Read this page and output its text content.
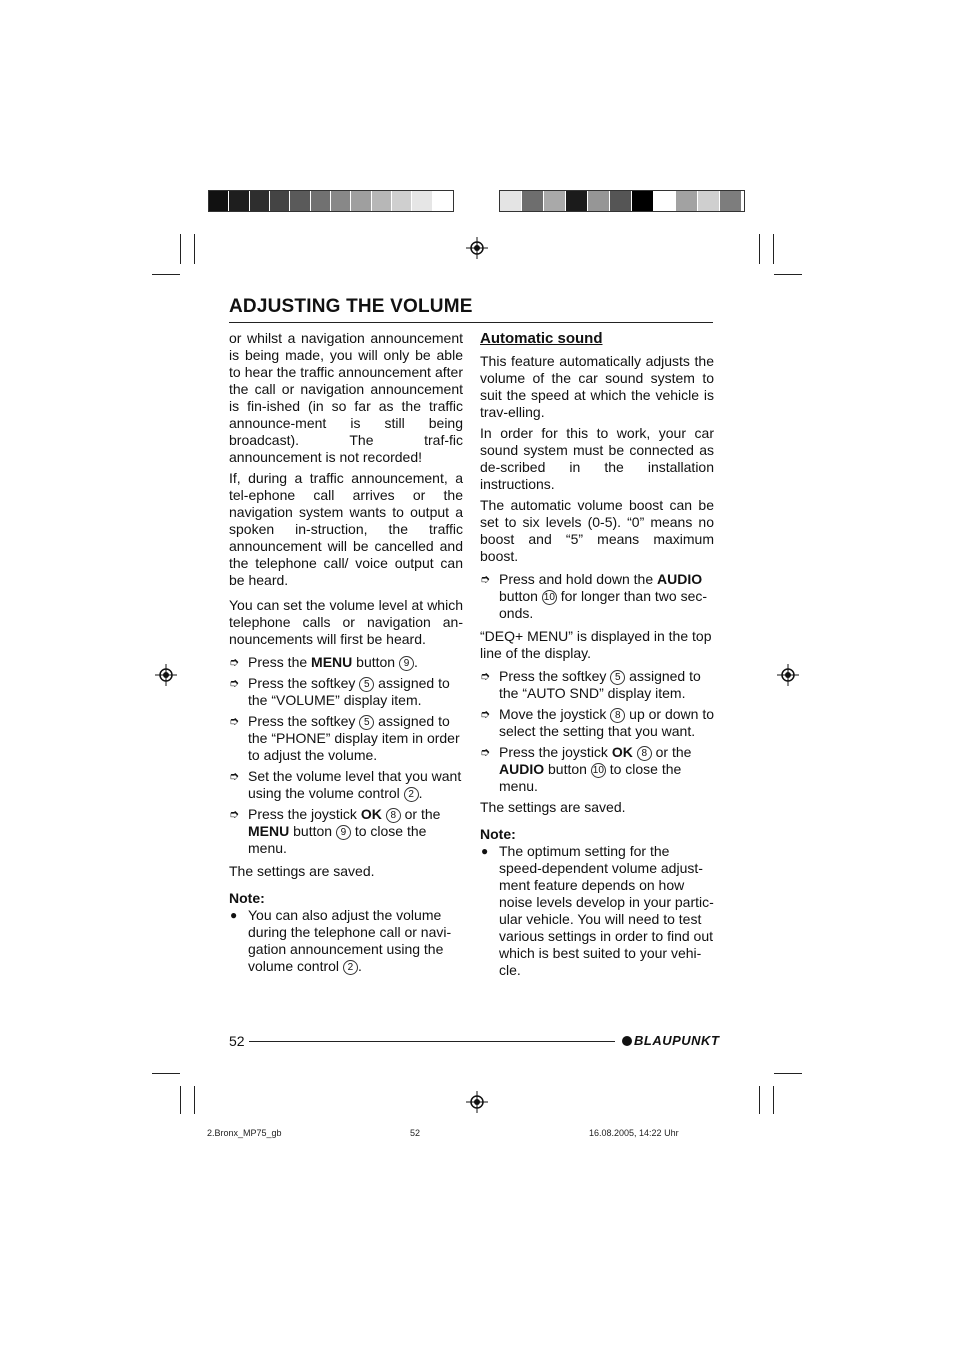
ADJUSTING THE VOLUME

or whilst a navigation announcement is being made, you will only be able to hear the traffic announcement after the call or navigation announcement is fin-ished (in so far as the traffic announce-ment is still being broadcast). The traf-fic announcement is not recorded!

If, during a traffic announcement, a tel-ephone call arrives or the navigation system wants to output a spoken in-struction, the traffic announcement will be cancelled and the telephone call/ voice output can be heard.

You can set the volume level at which telephone calls or navigation an-nouncements will first be heard.

➮ Press the MENU button 9 .
➮ Press the softkey 5 assigned to the “VOLUME” display item.
➮ Press the softkey 5 assigned to the “PHONE” display item in order to adjust the volume.
➮ Set the volume level that you want using the volume control 2 .
➮ Press the joystick OK 8 or the MENU button 9 to close the menu.

The settings are saved.

Note:

● You can also adjust the volume during the telephone call or navi-gation announcement using the volume control 2 .

Automatic sound

This feature automatically adjusts the volume of the car sound system to suit the speed at which the vehicle is trav-elling.

In order for this to work, your car sound system must be connected as de-scribed in the installation instructions.

The automatic volume boost can be set to six levels (0-5). “0” means no boost and “5” means maximum boost.

➮ Press and hold down the AUDIO button 10 for longer than two sec-onds.

“DEQ+ MENU” is displayed in the top line of the display.

➮ Press the softkey 5 assigned to the “AUTO SND” display item.
➮ Move the joystick 8 up or down to select the setting that you want.
➮ Press the joystick OK 8 or the AUDIO button 10 to close the menu.

The settings are saved.

Note:

● The optimum setting for the speed-dependent volume adjust-ment feature depends on how noise levels develop in your partic-ular vehicle. You will need to test various settings in order to find out which is best suited to your vehi-cle.
52	BLAUPUNKT
2.Bronx_MP75_gb	52	16.08.2005, 14:22 Uhr
